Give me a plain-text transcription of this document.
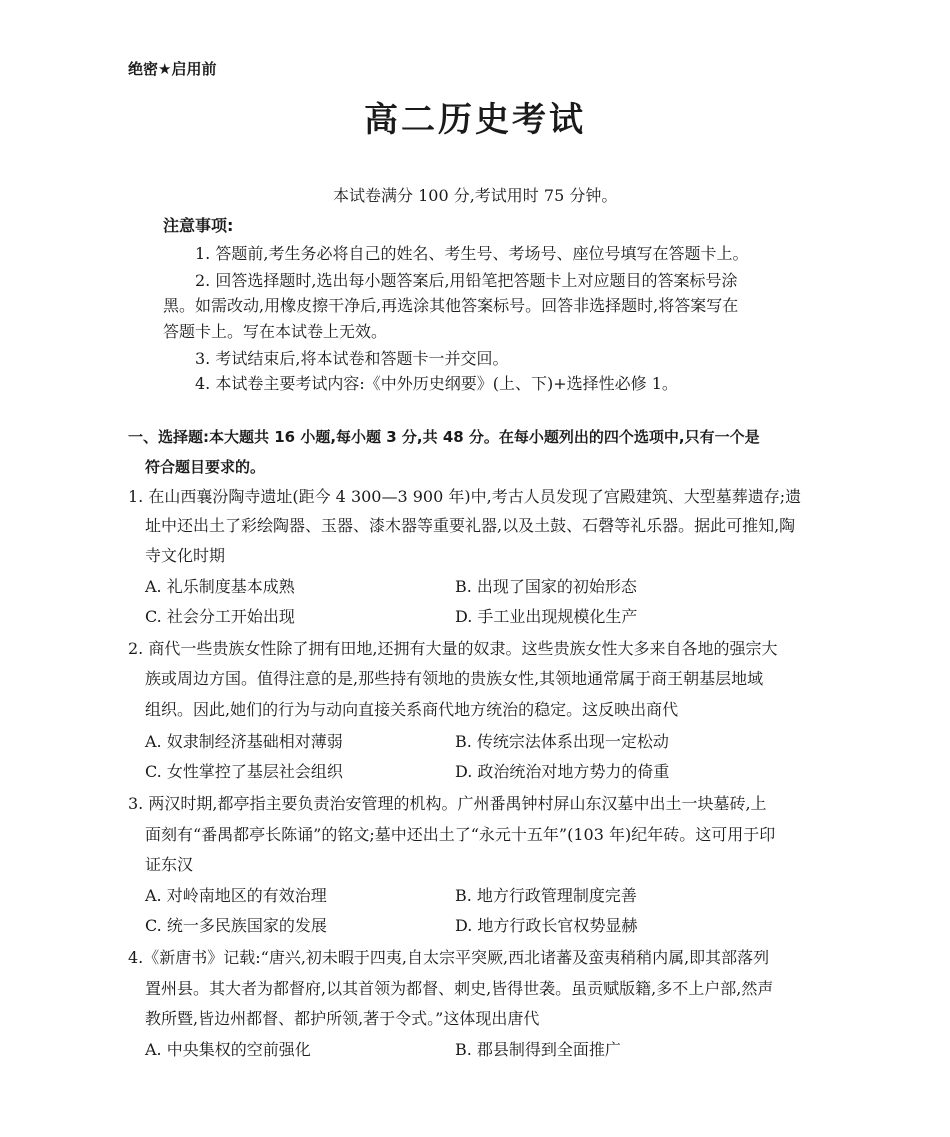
绝密★启用前
高二历史考试
本试卷满分 100 分,考试用时 75 分钟。
注意事项:
1. 答题前,考生务必将自己的姓名、考生号、考场号、座位号填写在答题卡上。
2. 回答选择题时,选出每小题答案后,用铅笔把答题卡上对应题目的答案标号涂
黑。如需改动,用橡皮擦干净后,再选涂其他答案标号。回答非选择题时,将答案写在
答题卡上。写在本试卷上无效。
3. 考试结束后,将本试卷和答题卡一并交回。
4. 本试卷主要考试内容:《中外历史纲要》(上、下)+选择性必修 1。
一、选择题:本大题共 16 小题,每小题 3 分,共 48 分。在每小题列出的四个选项中,只有一个是
符合题目要求的。
1. 在山西襄汾陶寺遗址(距今 4 300—3 900 年)中,考古人员发现了宫殿建筑、大型墓葬遗存;遗
址中还出土了彩绘陶器、玉器、漆木器等重要礼器,以及土鼓、石磬等礼乐器。据此可推知,陶
寺文化时期
A. 礼乐制度基本成熟	B. 出现了国家的初始形态
C. 社会分工开始出现	D. 手工业出现规模化生产
2. 商代一些贵族女性除了拥有田地,还拥有大量的奴隶。这些贵族女性大多来自各地的强宗大
族或周边方国。值得注意的是,那些持有领地的贵族女性,其领地通常属于商王朝基层地域
组织。因此,她们的行为与动向直接关系商代地方统治的稳定。这反映出商代
A. 奴隶制经济基础相对薄弱	B. 传统宗法体系出现一定松动
C. 女性掌控了基层社会组织	D. 政治统治对地方势力的倚重
3. 两汉时期,都亭指主要负责治安管理的机构。广州番禺钟村屏山东汉墓中出土一块墓砖,上
面刻有“番禺都亭长陈诵”的铭文;墓中还出土了“永元十五年”(103 年)纪年砖。这可用于印
证东汉
A. 对岭南地区的有效治理	B. 地方行政管理制度完善
C. 统一多民族国家的发展	D. 地方行政长官权势显赫
4.《新唐书》记载:“唐兴,初未暇于四夷,自太宗平突厥,西北诸蕃及蛮夷稍稍内属,即其部落列
置州县。其大者为都督府,以其首领为都督、刺史,皆得世袭。虽贡赋版籍,多不上户部,然声
教所暨,皆边州都督、都护所领,著于令式。”这体现出唐代
A. 中央集权的空前强化	B. 郡县制得到全面推广
